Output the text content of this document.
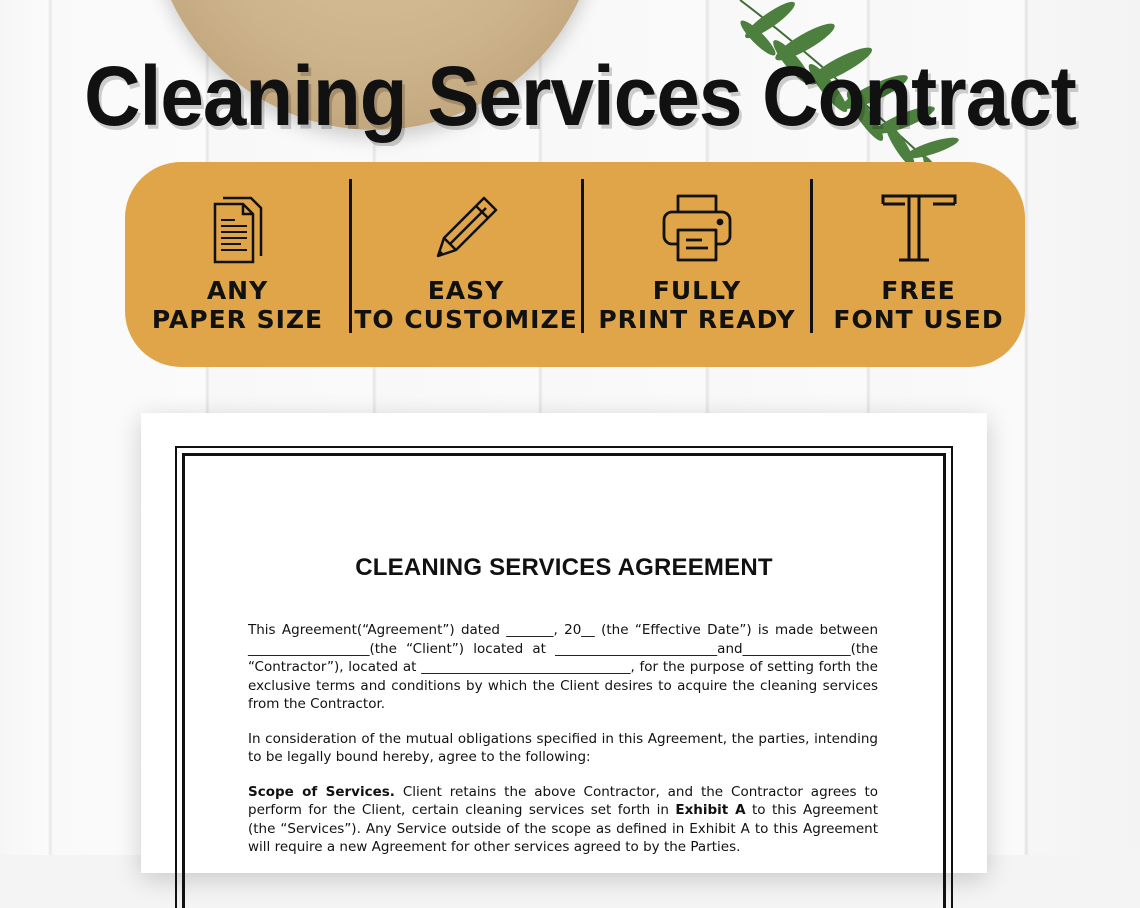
Cleaning Services Contract
ANY
PAPER SIZE
EASY
TO CUSTOMIZE
FULLY
PRINT READY
FREE
FONT USED
CLEANING SERVICES AGREEMENT

This Agreement(“Agreement”) dated _______, 20__ (the “Effective Date”) is made between __________________(the “Client”) located at ________________________and________________(the “Contractor”), located at _______________________________, for the purpose of setting forth the exclusive terms and conditions by which the Client desires to acquire the cleaning services from the Contractor.

In consideration of the mutual obligations specified in this Agreement, the parties, intending to be legally bound hereby, agree to the following:

Scope of Services. Client retains the above Contractor, and the Contractor agrees to perform for the Client, certain cleaning services set forth in Exhibit A to this Agreement (the “Services”). Any Service outside of the scope as defined in Exhibit A to this Agreement will require a new Agreement for other services agreed to by the Parties.
